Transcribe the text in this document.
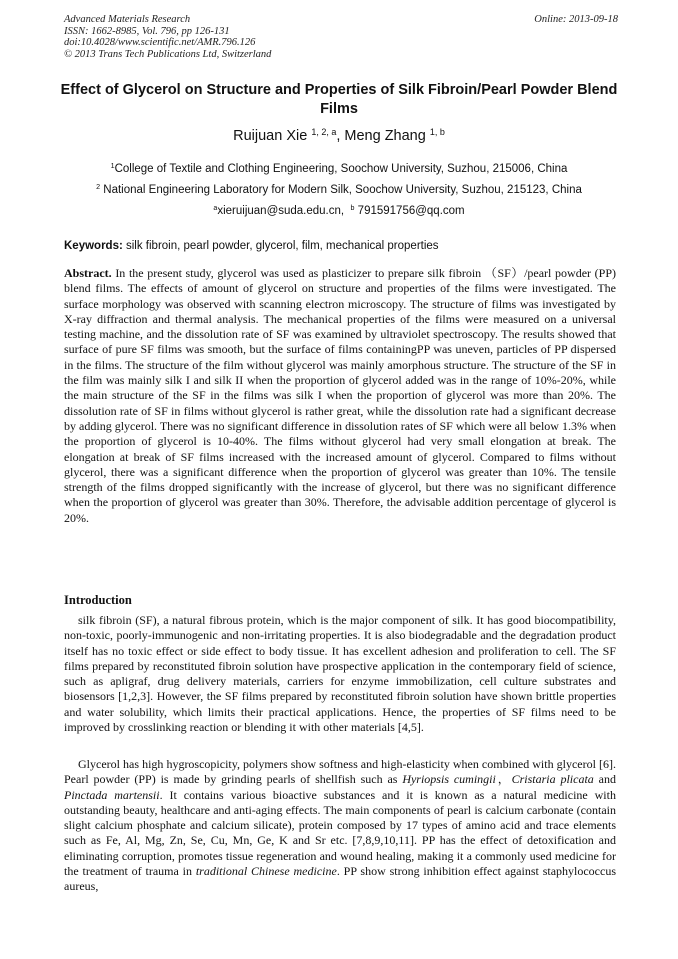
Advanced Materials Research
ISSN: 1662-8985, Vol. 796, pp 126-131
doi:10.4028/www.scientific.net/AMR.796.126
© 2013 Trans Tech Publications Ltd, Switzerland
Online: 2013-09-18
Effect of Glycerol on Structure and Properties of Silk Fibroin/Pearl Powder Blend Films
Ruijuan Xie $^{1, 2, a}$, Meng Zhang $^{1, b}$
$^1$College of Textile and Clothing Engineering, Soochow University, Suzhou, 215006, China
$^2$ National Engineering Laboratory for Modern Silk, Soochow University, Suzhou, 215123, China
$^a$xieruijuan@suda.edu.cn, $^b$ 791591756@qq.com
Keywords: silk fibroin, pearl powder, glycerol, film, mechanical properties
Abstract. In the present study, glycerol was used as plasticizer to prepare silk fibroin （SF）/pearl powder (PP) blend films. The effects of amount of glycerol on structure and properties of the films were investigated. The surface morphology was observed with scanning electron microscopy. The structure of films was investigated by X-ray diffraction and thermal analysis. The mechanical properties of the films were measured on a universal testing machine, and the dissolution rate of SF was examined by ultraviolet spectroscopy. The results showed that surface of pure SF films was smooth, but the surface of films containingPP was uneven, particles of PP dispersed in the films. The structure of the film without glycerol was mainly amorphous structure. The structure of the SF in the film was mainly silk I and silk II when the proportion of glycerol added was in the range of 10%-20%, while the main structure of the SF in the films was silk I when the proportion of glycerol was more than 20%. The dissolution rate of SF in films without glycerol is rather great, while the dissolution rate had a significant decrease by adding glycerol. There was no significant difference in dissolution rates of SF which were all below 1.3% when the proportion of glycerol is 10-40%. The films without glycerol had very small elongation at break. The elongation at break of SF films increased with the increased amount of glycerol. Compared to films without glycerol, there was a significant difference when the proportion of glycerol was greater than 10%. The tensile strength of the films dropped significantly with the increase of glycerol, but there was no significant difference when the proportion of glycerol was greater than 30%. Therefore, the advisable addition percentage of glycerol is 20%.
Introduction

silk fibroin (SF), a natural fibrous protein, which is the major component of silk. It has good biocompatibility, non-toxic, poorly-immunogenic and non-irritating properties. It is also biodegradable and the degradation product itself has no toxic effect or side effect to body tissue. It has excellent adhesion and proliferation to cell. The SF films prepared by reconstituted fibroin solution have prospective application in the contemporary field of science, such as apligraf, drug delivery materials, carriers for enzyme immobilization, cell culture substrates and biosensors [1,2,3]. However, the SF films prepared by reconstituted fibroin solution have shown brittle properties and water solubility, which limits their practical applications. Hence, the properties of SF films need to be improved by crosslinking reaction or blending it with other materials [4,5].

Glycerol has high hygroscopicity, polymers show softness and high-elasticity when combined with glycerol [6]. Pearl powder (PP) is made by grinding pearls of shellfish such as Hyriopsis cumingii，Cristaria plicata and Pinctada martensii. It contains various bioactive substances and it is known as a natural medicine with outstanding beauty, healthcare and anti-aging effects. The main components of pearl is calcium carbonate (contain slight calcium phosphate and calcium silicate), protein composed by 17 types of amino acid and trace elements such as Fe, Al, Mg, Zn, Se, Cu, Mn, Ge, K and Sr etc. [7,8,9,10,11]. PP has the effect of detoxification and eliminating corruption, promotes tissue regeneration and wound healing, making it a commonly used medicine for the treatment of trauma in traditional Chinese medicine. PP show strong inhibition effect against staphylococcus aureus,
